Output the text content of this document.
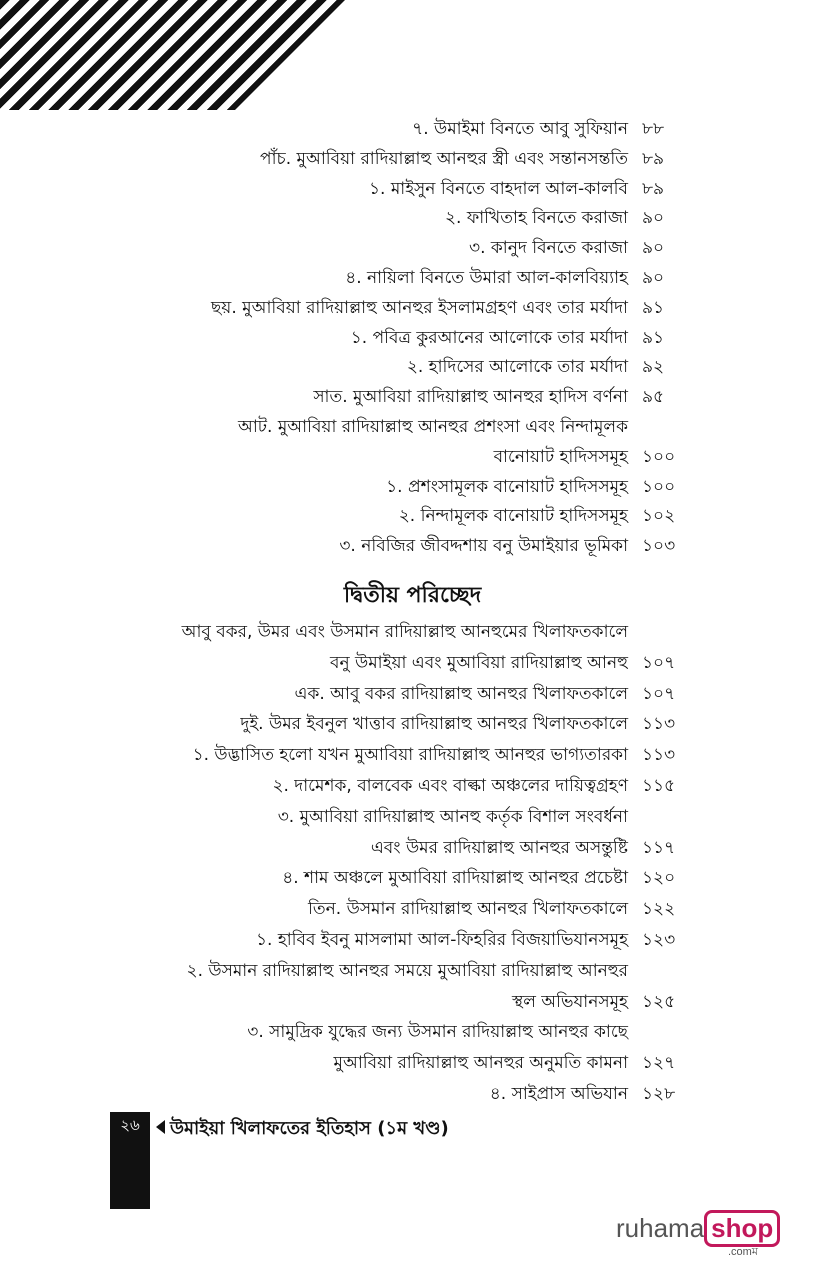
৭. উমাইমা বিনতে আবু সুফিয়ান ৮৮
পাঁচ. মুআবিয়া রাদিয়াল্লাহু আনহুর স্ত্রী এবং সন্তানসন্ততি ৮৯
১. মাইসুন বিনতে বাহদাল আল-কালবি ৮৯
২. ফাখিতাহ বিনতে করাজা ৯০
৩. কানুদ বিনতে করাজা ৯০
৪. নায়িলা বিনতে উমারা আল-কালবিয়্যাহ ৯০
ছয়. মুআবিয়া রাদিয়াল্লাহু আনহুর ইসলামগ্রহণ এবং তার মর্যাদা ৯১
১. পবিত্র কুরআনের আলোকে তার মর্যাদা ৯১
২. হাদিসের আলোকে তার মর্যাদা ৯২
সাত. মুআবিয়া রাদিয়াল্লাহু আনহুর হাদিস বর্ণনা ৯৫
আট. মুআবিয়া রাদিয়াল্লাহু আনহুর প্রশংসা এবং নিন্দামূলক
বানোয়াট হাদিসসমূহ ১০০
১. প্রশংসামূলক বানোয়াট হাদিসসমূহ ১০০
২. নিন্দামূলক বানোয়াট হাদিসসমূহ ১০২
৩. নবিজির জীবদ্দশায় বনু উমাইয়ার ভূমিকা ১০৩
আবু বকর, উমর এবং উসমান রাদিয়াল্লাহু আনহুমের খিলাফতকালে
বনু উমাইয়া এবং মুআবিয়া রাদিয়াল্লাহু আনহু ১০৭
এক. আবু বকর রাদিয়াল্লাহু আনহুর খিলাফতকালে ১০৭
দুই. উমর ইবনুল খাত্তাব রাদিয়াল্লাহু আনহুর খিলাফতকালে ১১৩
১. উদ্ভাসিত হলো যখন মুআবিয়া রাদিয়াল্লাহু আনহুর ভাগ্যতারকা ১১৩
২. দামেশক, বালবেক এবং বাল্কা অঞ্চলের দায়িত্বগ্রহণ ১১৫
৩. মুআবিয়া রাদিয়াল্লাহু আনহু কর্তৃক বিশাল সংবর্ধনা
এবং উমর রাদিয়াল্লাহু আনহুর অসন্তুষ্টি ১১৭
৪. শাম অঞ্চলে মুআবিয়া রাদিয়াল্লাহু আনহুর প্রচেষ্টা ১২০
তিন. উসমান রাদিয়াল্লাহু আনহুর খিলাফতকালে ১২২
১. হাবিব ইবনু মাসলামা আল-ফিহরির বিজয়াভিযানসমূহ ১২৩
২. উসমান রাদিয়াল্লাহু আনহুর সময়ে মুআবিয়া রাদিয়াল্লাহু আনহুর
স্থল অভিযানসমূহ ১২৫
৩. সামুদ্রিক যুদ্ধের জন্য উসমান রাদিয়াল্লাহু আনহুর কাছে
মুআবিয়া রাদিয়াল্লাহু আনহুর অনুমতি কামনা ১২৭
৪. সাইপ্রাস অভিযান ১২৮
দ্বিতীয় পরিচ্ছেদ
২৬	উমাইয়া খিলাফতের ইতিহাস (১ম খণ্ড)
ruhama shop
.comম
